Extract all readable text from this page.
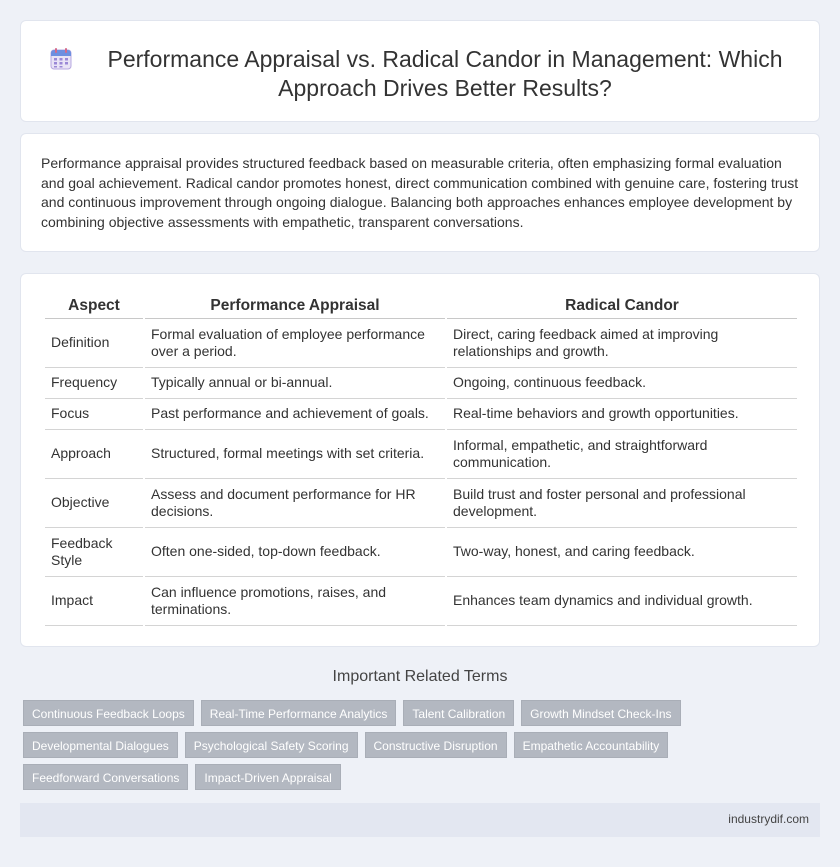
Performance Appraisal vs. Radical Candor in Management: Which Approach Drives Better Results?

Performance appraisal provides structured feedback based on measurable criteria, often emphasizing formal evaluation and goal achievement. Radical candor promotes honest, direct communication combined with genuine care, fostering trust and continuous improvement through ongoing dialogue. Balancing both approaches enhances employee development by combining objective assessments with empathetic, transparent conversations.

Aspect	Performance Appraisal	Radical Candor
Definition	Formal evaluation of employee performance over a period.	Direct, caring feedback aimed at improving relationships and growth.
Frequency	Typically annual or bi-annual.	Ongoing, continuous feedback.
Focus	Past performance and achievement of goals.	Real-time behaviors and growth opportunities.
Approach	Structured, formal meetings with set criteria.	Informal, empathetic, and straightforward communication.
Objective	Assess and document performance for HR decisions.	Build trust and foster personal and professional development.
Feedback Style	Often one-sided, top-down feedback.	Two-way, honest, and caring feedback.
Impact	Can influence promotions, raises, and terminations.	Enhances team dynamics and individual growth.
Important Related Terms
Continuous Feedback Loops	Real-Time Performance Analytics	Talent Calibration	Growth Mindset Check-Ins
Developmental Dialogues	Psychological Safety Scoring	Constructive Disruption	Empathetic Accountability
Feedforward Conversations	Impact-Driven Appraisal
industrydif.com
